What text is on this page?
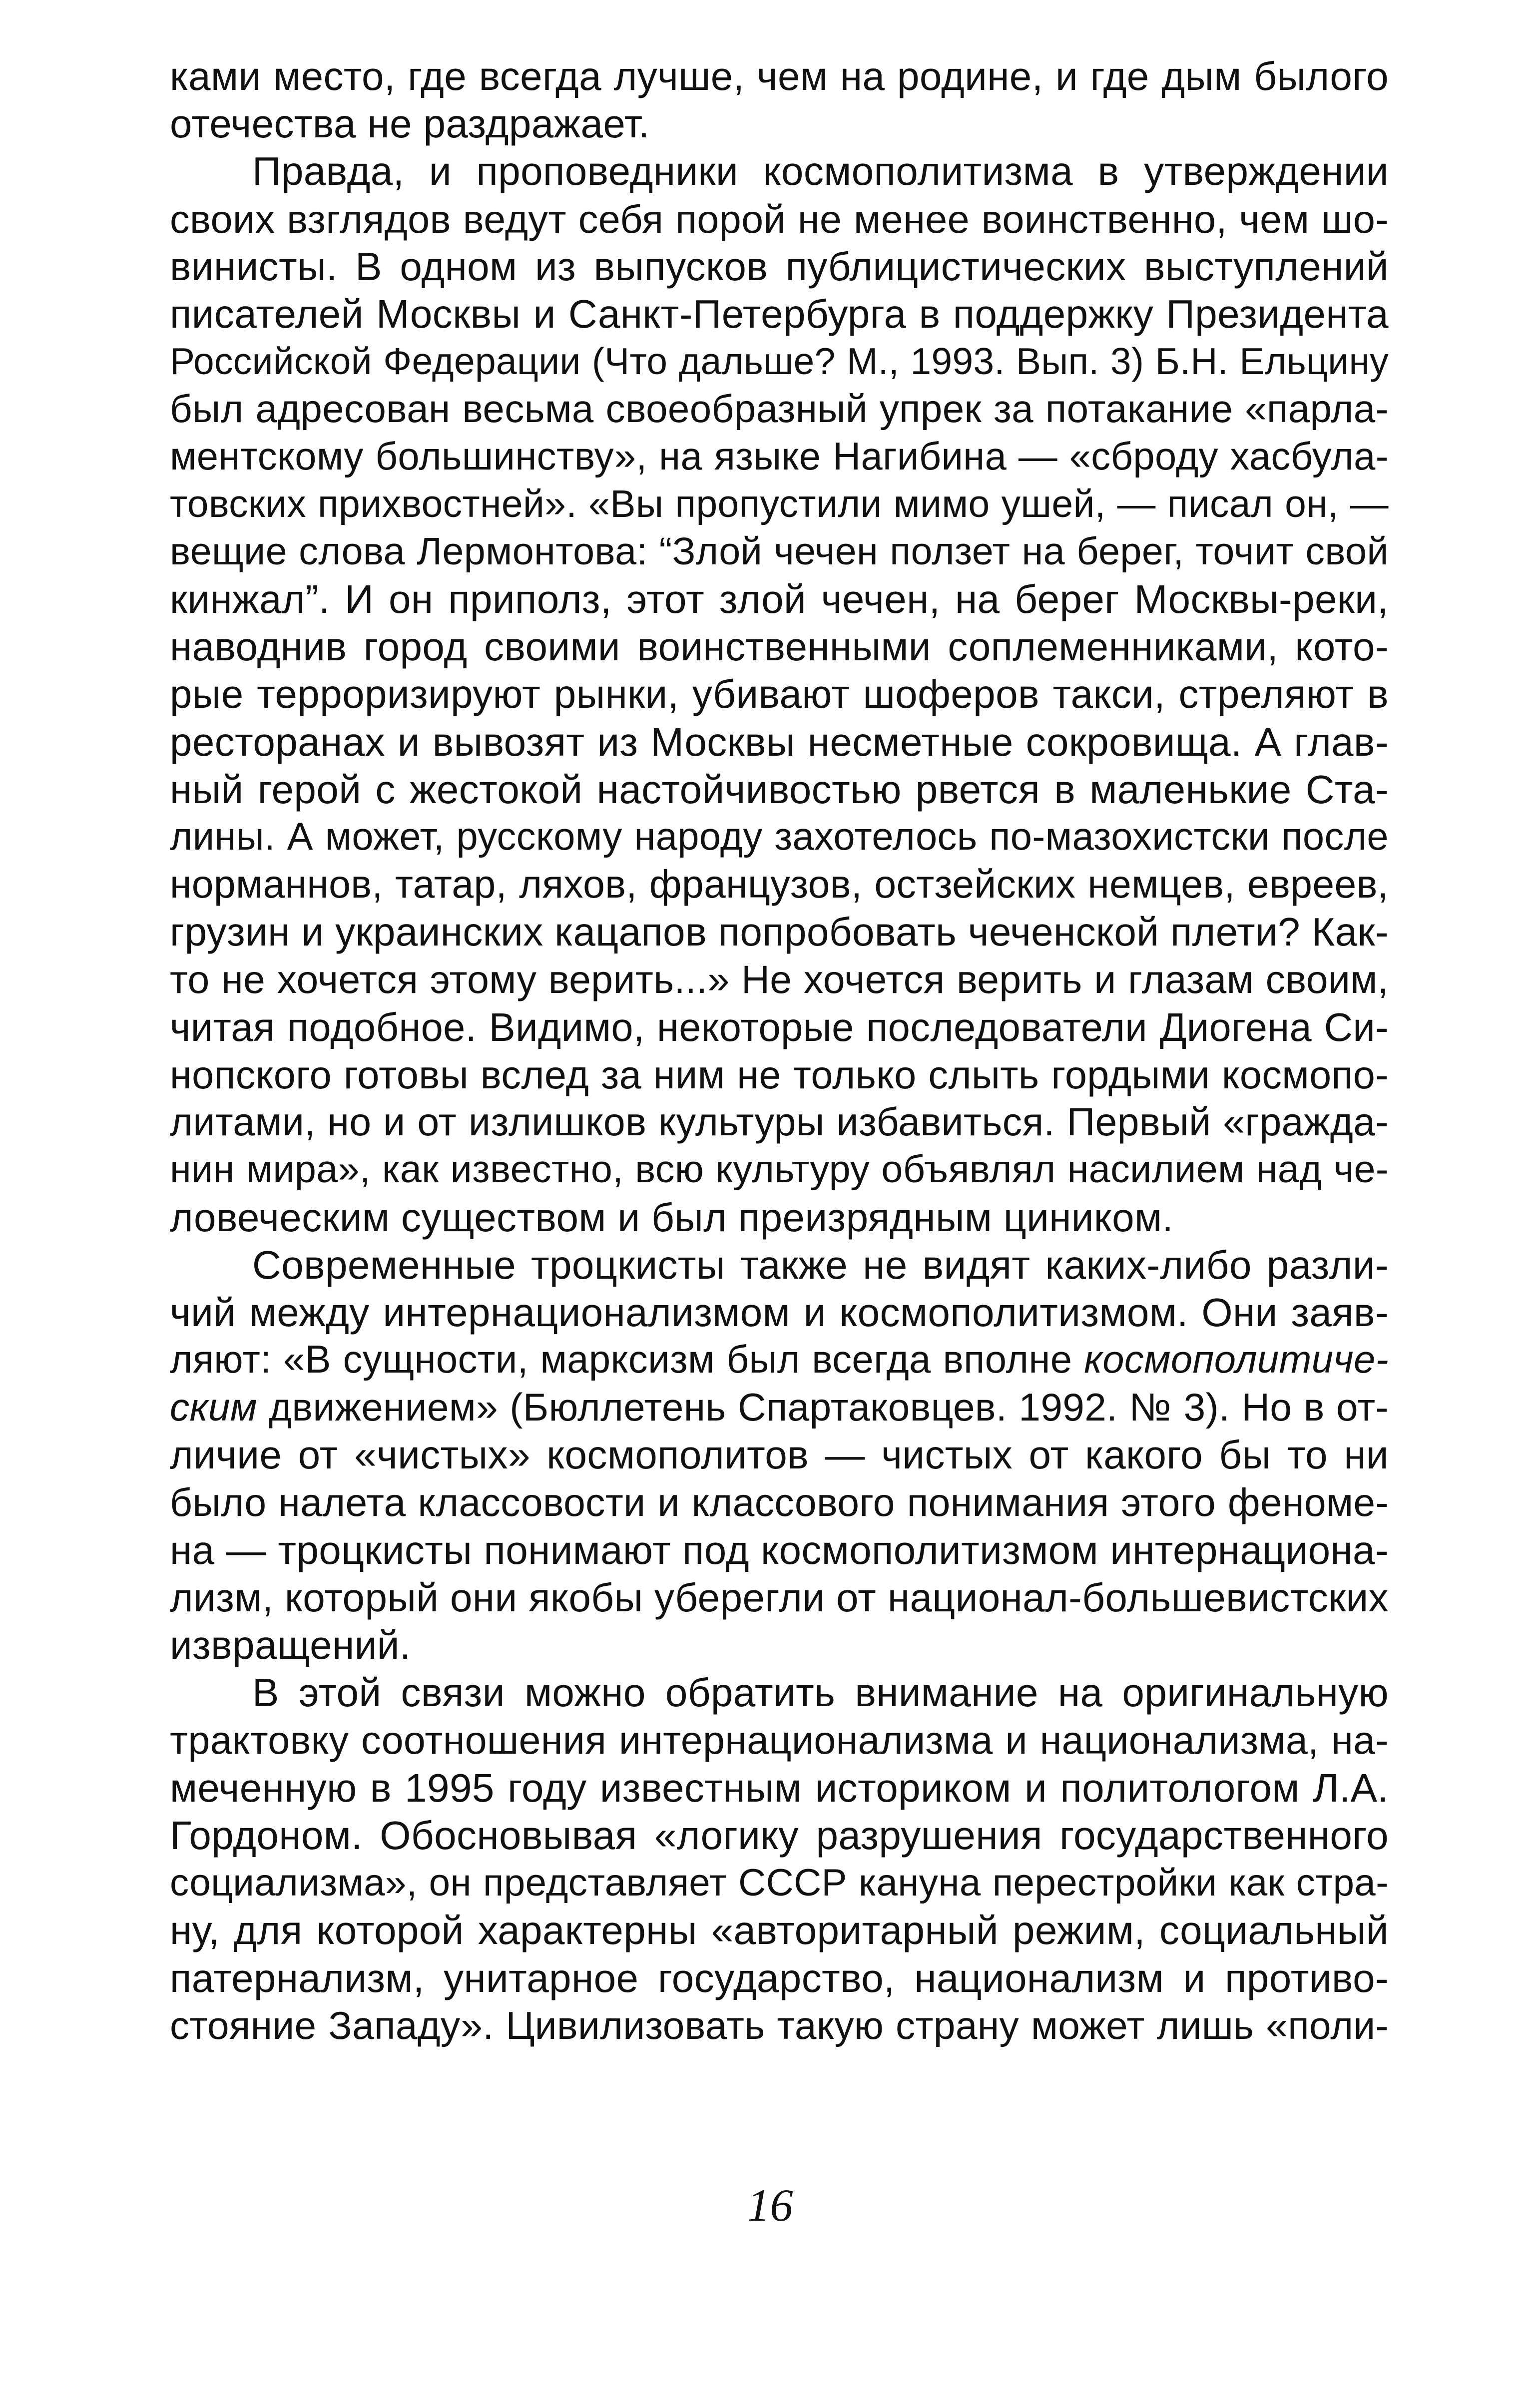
ками место, где всегда лучше, чем на родине, и где дым былого
отечества не раздражает.
Правда, и проповедники космополитизма в утверждении
своих взглядов ведут себя порой не менее воинственно, чем шо-
винисты. В одном из выпусков публицистических выступлений
писателей Москвы и Санкт-Петербурга в поддержку Президента
Российской Федерации (Что дальше? М., 1993. Вып. 3) Б.Н. Ельцину
был адресован весьма своеобразный упрек за потакание «парла-
ментскому большинству», на языке Нагибина — «сброду хасбула-
товских прихвостней». «Вы пропустили мимо ушей, — писал он, —
вещие слова Лермонтова: “Злой чечен ползет на берег, точит свой
кинжал”. И он приполз, этот злой чечен, на берег Москвы-реки,
наводнив город своими воинственными соплеменниками, кото-
рые терроризируют рынки, убивают шоферов такси, стреляют в
ресторанах и вывозят из Москвы несметные сокровища. А глав-
ный герой с жестокой настойчивостью рвется в маленькие Ста-
лины. А может, русскому народу захотелось по-мазохистски после
норманнов, татар, ляхов, французов, остзейских немцев, евреев,
грузин и украинских кацапов попробовать чеченской плети? Как-
то не хочется этому верить...» Не хочется верить и глазам своим,
читая подобное. Видимо, некоторые последователи Диогена Си-
нопского готовы вслед за ним не только слыть гордыми космопо-
литами, но и от излишков культуры избавиться. Первый «гражда-
нин мира», как известно, всю культуру объявлял насилием над че-
ловеческим существом и был преизрядным циником.
Современные троцкисты также не видят каких-либо разли-
чий между интернационализмом и космополитизмом. Они заяв-
ляют: «В сущности, марксизм был всегда вполне космополитиче-
ским движением» (Бюллетень Спартаковцев. 1992. № 3). Но в от-
личие от «чистых» космополитов — чистых от какого бы то ни
было налета классовости и классового понимания этого феноме-
на — троцкисты понимают под космополитизмом интернациона-
лизм, который они якобы уберегли от национал-большевистских
извращений.
В этой связи можно обратить внимание на оригинальную
трактовку соотношения интернационализма и национализма, на-
меченную в 1995 году известным историком и политологом Л.А.
Гордоном. Обосновывая «логику разрушения государственного
социализма», он представляет СССР кануна перестройки как стра-
ну, для которой характерны «авторитарный режим, социальный
патернализм, унитарное государство, национализм и противо-
стояние Западу». Цивилизовать такую страну может лишь «поли-
16
